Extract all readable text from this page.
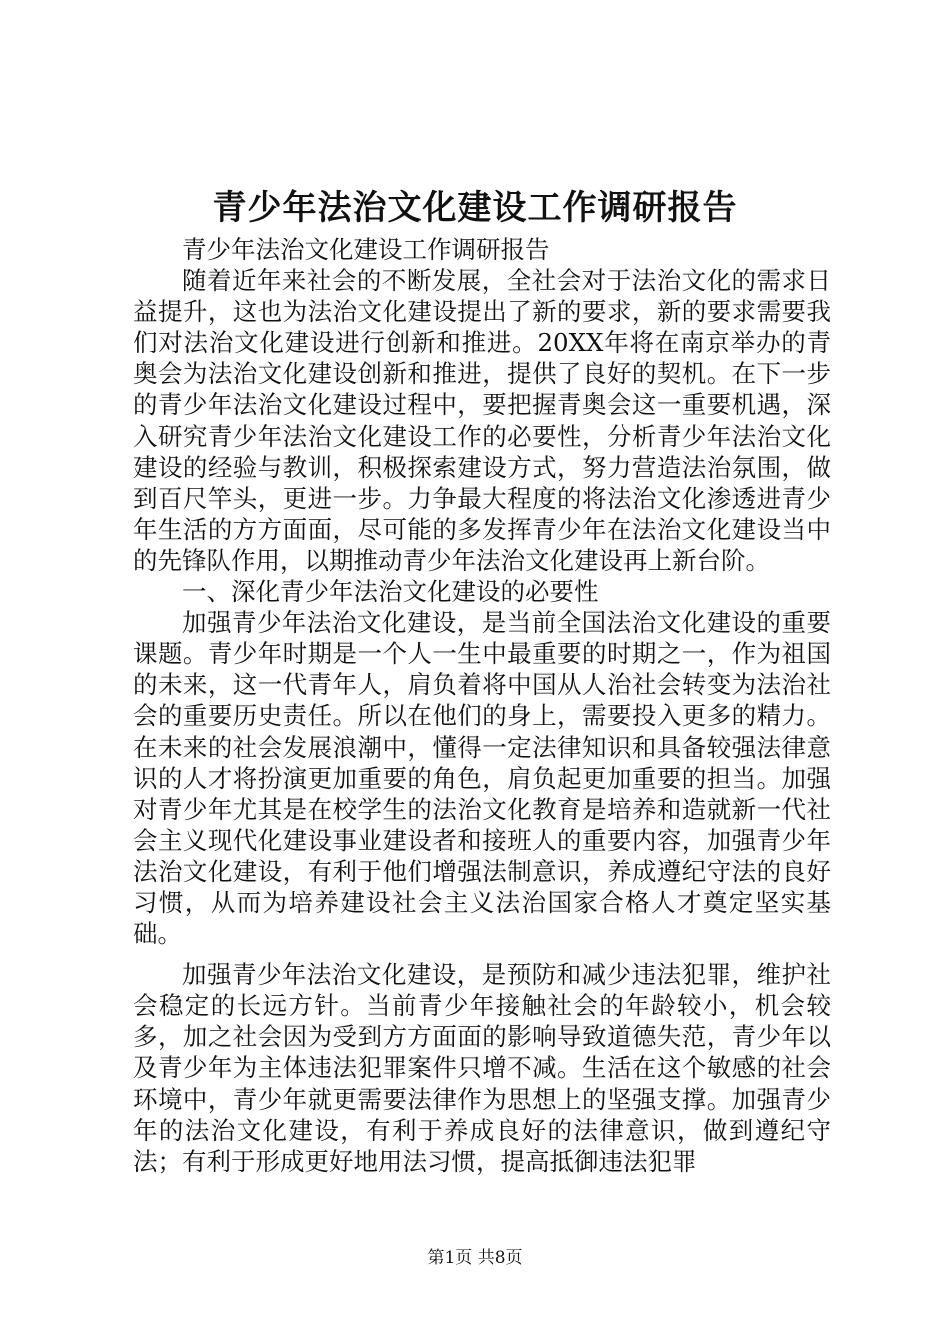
青少年法治文化建设工作调研报告

青少年法治文化建设工作调研报告

随着近年来社会的不断发展，全社会对于法治文化的需求日益提升，这也为法治文化建设提出了新的要求，新的要求需要我们对法治文化建设进行创新和推进。20XX年将在南京举办的青奥会为法治文化建设创新和推进，提供了良好的契机。在下一步的青少年法治文化建设过程中，要把握青奥会这一重要机遇，深入研究青少年法治文化建设工作的必要性，分析青少年法治文化建设的经验与教训，积极探索建设方式，努力营造法治氛围，做到百尺竿头，更进一步。力争最大程度的将法治文化渗透进青少年生活的方方面面，尽可能的多发挥青少年在法治文化建设当中的先锋队作用，以期推动青少年法治文化建设再上新台阶。

一、深化青少年法治文化建设的必要性

加强青少年法治文化建设，是当前全国法治文化建设的重要课题。青少年时期是一个人一生中最重要的时期之一，作为祖国的未来，这一代青年人，肩负着将中国从人治社会转变为法治社会的重要历史责任。所以在他们的身上，需要投入更多的精力。在未来的社会发展浪潮中，懂得一定法律知识和具备较强法律意识的人才将扮演更加重要的角色，肩负起更加重要的担当。加强对青少年尤其是在校学生的法治文化教育是培养和造就新一代社会主义现代化建设事业建设者和接班人的重要内容，加强青少年法治文化建设，有利于他们增强法制意识，养成遵纪守法的良好习惯，从而为培养建设社会主义法治国家合格人才奠定坚实基础。

加强青少年法治文化建设，是预防和减少违法犯罪，维护社会稳定的长远方针。当前青少年接触社会的年龄较小，机会较多，加之社会因为受到方方面面的影响导致道德失范，青少年以及青少年为主体违法犯罪案件只增不减。生活在这个敏感的社会环境中，青少年就更需要法律作为思想上的坚强支撑。加强青少年的法治文化建设，有利于养成良好的法律意识，做到遵纪守法；有利于形成更好地用法习惯，提高抵御违法犯罪

第1页 共8页
